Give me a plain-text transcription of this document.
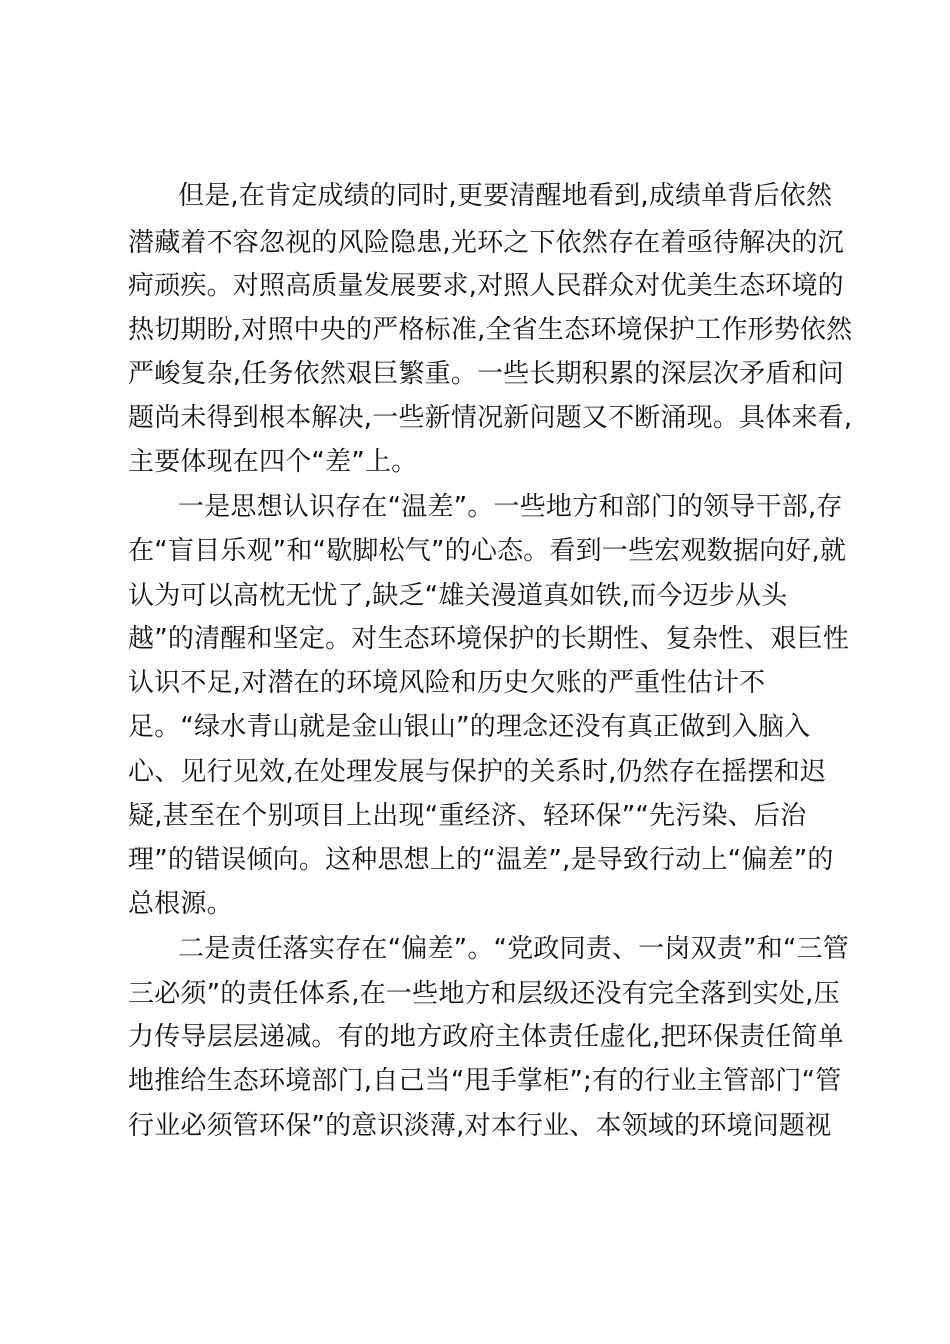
但是,在肯定成绩的同时,更要清醒地看到,成绩单背后依然
潜藏着不容忽视的风险隐患,光环之下依然存在着亟待解决的沉
疴顽疾。对照高质量发展要求,对照人民群众对优美生态环境的
热切期盼,对照中央的严格标准,全省生态环境保护工作形势依然
严峻复杂,任务依然艰巨繁重。一些长期积累的深层次矛盾和问
题尚未得到根本解决,一些新情况新问题又不断涌现。具体来看,
主要体现在四个“差”上。
一是思想认识存在“温差”。一些地方和部门的领导干部,存
在“盲目乐观”和“歇脚松气”的心态。看到一些宏观数据向好,就
认为可以高枕无忧了,缺乏“雄关漫道真如铁,而今迈步从头
越”的清醒和坚定。对生态环境保护的长期性、复杂性、艰巨性
认识不足,对潜在的环境风险和历史欠账的严重性估计不
足。“绿水青山就是金山银山”的理念还没有真正做到入脑入
心、见行见效,在处理发展与保护的关系时,仍然存在摇摆和迟
疑,甚至在个别项目上出现“重经济、轻环保”“先污染、后治
理”的错误倾向。这种思想上的“温差”,是导致行动上“偏差”的
总根源。
二是责任落实存在“偏差”。“党政同责、一岗双责”和“三管
三必须”的责任体系,在一些地方和层级还没有完全落到实处,压
力传导层层递减。有的地方政府主体责任虚化,把环保责任简单
地推给生态环境部门,自己当“甩手掌柜”;有的行业主管部门“管
行业必须管环保”的意识淡薄,对本行业、本领域的环境问题视
